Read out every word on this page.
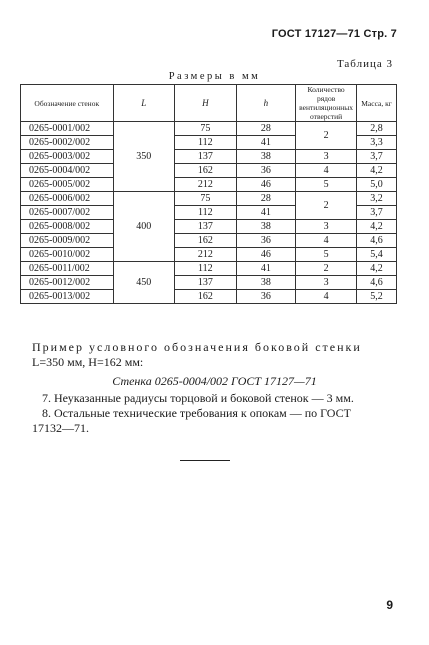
ГОСТ 17127—71 Стр. 7
Таблица 3
Размеры в мм
Обозначение стенок	L	H	h	Количество рядов вентиляционных отверстий	Масса, кг
0265-0001/002	350	75	28	2	2,8
0265-0002/002		112	41		3,3
0265-0003/002		137	38	3	3,7
0265-0004/002		162	36	4	4,2
0265-0005/002		212	46	5	5,0
0265-0006/002	400	75	28	2	3,2
0265-0007/002		112	41		3,7
0265-0008/002		137	38	3	4,2
0265-0009/002		162	36	4	4,6
0265-0010/002		212	46	5	5,4
0265-0011/002	450	112	41	2	4,2
0265-0012/002		137	38	3	4,6
0265-0013/002		162	36	4	5,2
Пример условного обозначения боковой стенки
L=350 мм, H=162 мм:
Стенка 0265-0004/002 ГОСТ 17127—71
7. Неуказанные радиусы торцовой и боковой стенок — 3 мм.
8. Остальные технические требования к опокам — по ГОСТ
17132—71.
9
